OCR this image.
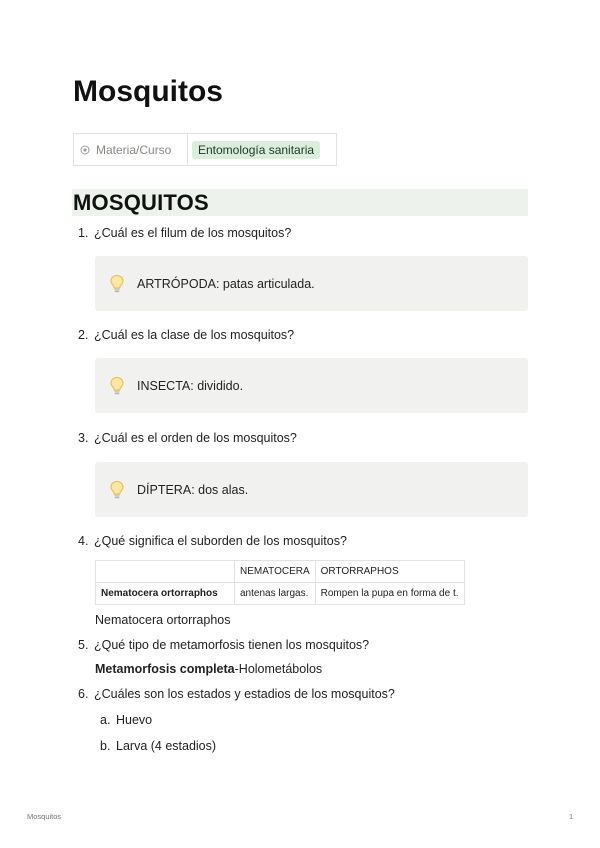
Mosquitos
Materia/Curso	Entomología sanitaria
MOSQUITOS
1. ¿Cuál es el filum de los mosquitos?
ARTRÓPODA: patas articulada.
2. ¿Cuál es la clase de los mosquitos?
INSECTA: dividido.
3. ¿Cuál es el orden de los mosquitos?
DÍPTERA: dos alas.
4. ¿Qué significa el suborden de los mosquitos?
	NEMATOCERA	ORTORRAPHOS
Nematocera ortorraphos	antenas largas.	Rompen la pupa en forma de t.
Nematocera ortorraphos
5. ¿Qué tipo de metamorfosis tienen los mosquitos?
Metamorfosis completa-Holometábolos
6. ¿Cuáles son los estados y estadios de los mosquitos?
a. Huevo
b. Larva (4 estadios)
Mosquitos	1
